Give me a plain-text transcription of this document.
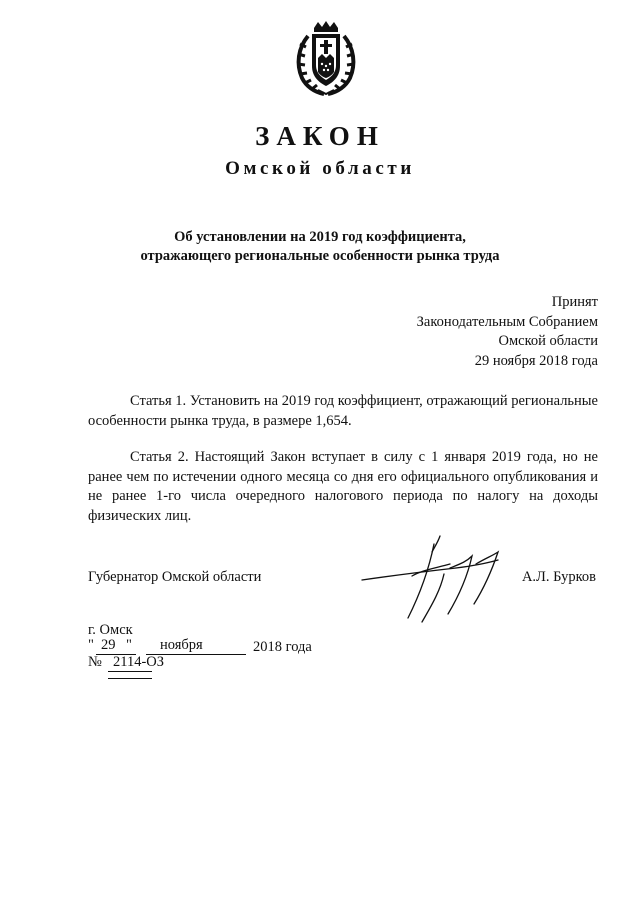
ЗАКОН
Омской области
Об установлении на 2019 год коэффициента,
отражающего региональные особенности рынка труда
Принят
Законодательным Собранием
Омской области
29 ноября 2018 года
Статья 1. Установить на 2019 год коэффициент, отражающий региональные особенности рынка труда, в размере 1,654.
Статья 2. Настоящий Закон вступает в силу с 1 января 2019 года, но не ранее чем по истечении одного месяца со дня его официального опубликования и не ранее 1-го числа очередного налогового периода по налогу на доходы физических лиц.
Губернатор Омской области	А.Л. Бурков
г. Омск
" 29 " ноября	2018 года
№ 2114-ОЗ
